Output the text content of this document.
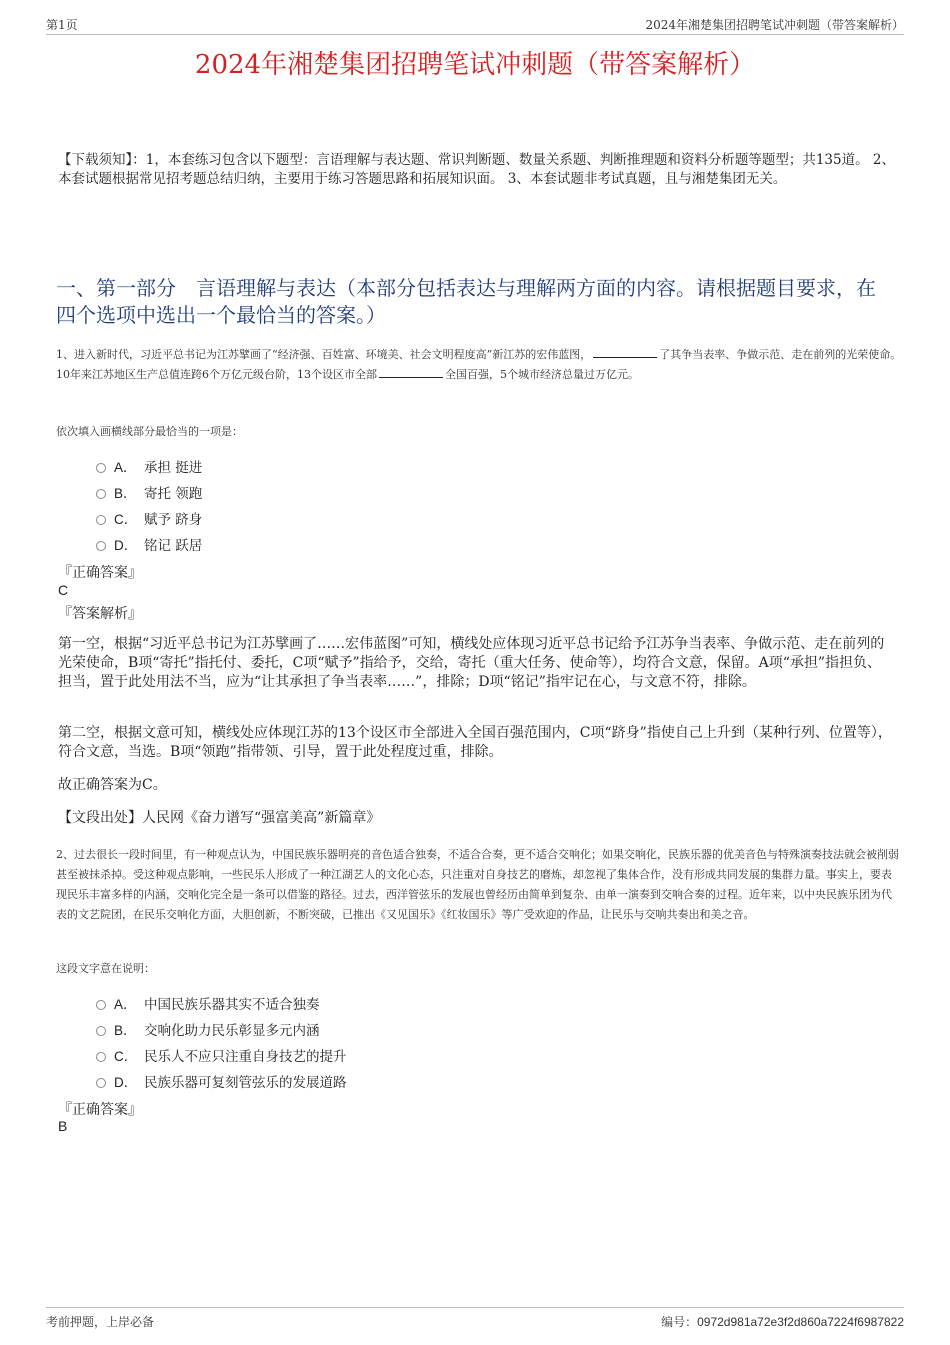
第1页	2024年湘楚集团招聘笔试冲刺题（带答案解析）
2024年湘楚集团招聘笔试冲刺题（带答案解析）
【下载须知】：1，本套练习包含以下题型：言语理解与表达题、常识判断题、数量关系题、判断推理题和资料分析题等题型；共135道。 2、本套试题根据常见招考题总结归纳，主要用于练习答题思路和拓展知识面。 3、本套试题非考试真题，且与湘楚集团无关。
一、第一部分　言语理解与表达（本部分包括表达与理解两方面的内容。请根据题目要求，在四个选项中选出一个最恰当的答案。）
1、进入新时代，习近平总书记为江苏擘画了“经济强、百姓富、环境美、社会文明程度高”新江苏的宏伟蓝图，	了其争当表率、争做示范、走在前列的光荣使命。10年来江苏地区生产总值连跨6个万亿元级台阶，13个设区市全部	全国百强，5个城市经济总量过万亿元。
依次填入画横线部分最恰当的一项是：
A． 承担 挺进
B． 寄托 领跑
C． 赋予 跻身
D． 铭记 跃居
『正确答案』
C
『答案解析』

第一空，根据“习近平总书记为江苏擘画了……宏伟蓝图”可知，横线处应体现习近平总书记给予江苏争当表率、争做示范、走在前列的光荣使命，B项“寄托”指托付、委托，C项“赋予”指给予，交给，寄托（重大任务、使命等），均符合文意，保留。A项“承担”指担负、担当，置于此处用法不当，应为“让其承担了争当表率……”，排除；D项“铭记”指牢记在心，与文意不符，排除。

第二空，根据文意可知，横线处应体现江苏的13个设区市全部进入全国百强范围内，C项“跻身”指使自己上升到（某种行列、位置等），符合文意，当选。B项“领跑”指带领、引导，置于此处程度过重，排除。

故正确答案为C。

【文段出处】人民网《奋力谱写“强富美高”新篇章》

2、过去很长一段时间里，有一种观点认为，中国民族乐器明亮的音色适合独奏，不适合合奏，更不适合交响化；如果交响化，民族乐器的优美音色与特殊演奏技法就会被削弱甚至被抹杀掉。受这种观点影响，一些民乐人形成了一种江湖艺人的文化心态，只注重对自身技艺的磨炼，却忽视了集体合作，没有形成共同发展的集群力量。事实上，要表现民乐丰富多样的内涵，交响化完全是一条可以借鉴的路径。过去，西洋管弦乐的发展也曾经历由简单到复杂、由单一演奏到交响合奏的过程。近年来，以中央民族乐团为代表的文艺院团，在民乐交响化方面，大胆创新，不断突破，已推出《又见国乐》《红妆国乐》等广受欢迎的作品，让民乐与交响共奏出和美之音。
这段文字意在说明：
A． 中国民族乐器其实不适合独奏
B． 交响化助力民乐彰显多元内涵
C． 民乐人不应只注重自身技艺的提升
D． 民族乐器可复刻管弦乐的发展道路
『正确答案』
B
考前押题，上岸必备	编号：0972d981a72e3f2d860a7224f6987822
